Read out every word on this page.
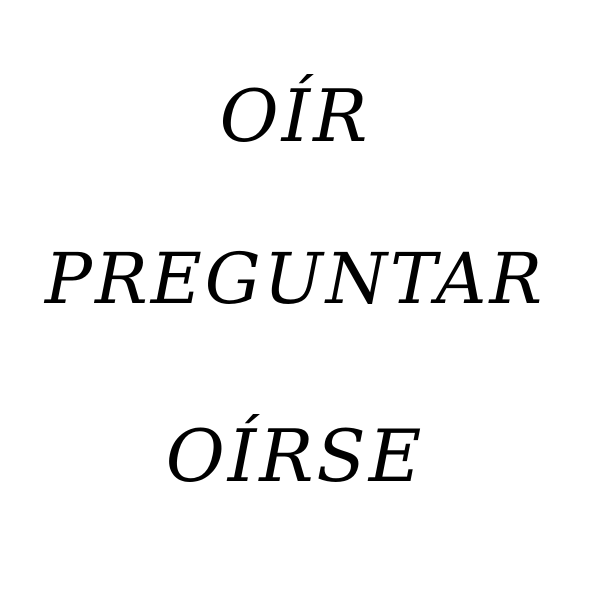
OÍR
PREGUNTAR
OÍRSE
